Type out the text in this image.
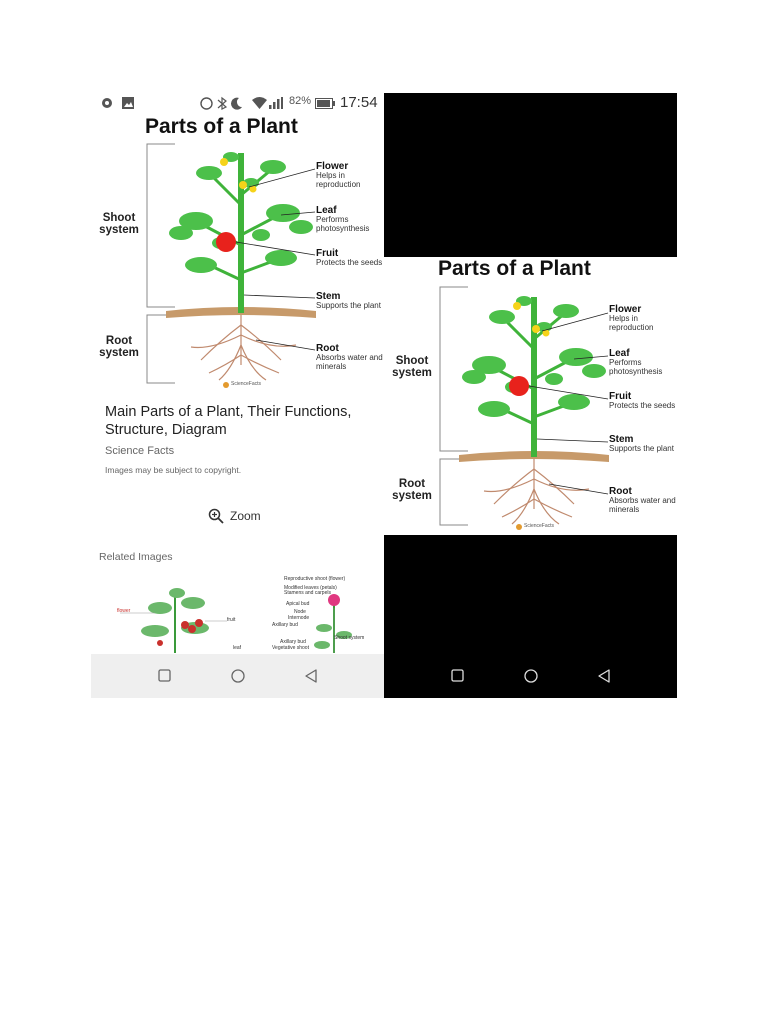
82% 17:54
Parts of a Plant
Shoot system
Root system
Flower
Helps in reproduction
Leaf
Performs photosynthesis
Fruit
Protects the seeds
Stem
Supports the plant
Root
Absorbs water and minerals
ScienceFacts
Main Parts of a Plant, Their Functions, Structure, Diagram
Science Facts
Images may be subject to copyright.
Zoom
Related Images
flower
fruit
leaf
Reproductive shoot (flower)
Modified leaves (petals)
Stamens and carpels
Apical bud
Node
Internode
Axillary bud
Shoot system
Axillary bud
Vegetative shoot
Parts of a Plant
Shoot system
Root system
Flower
Helps in reproduction
Leaf
Performs photosynthesis
Fruit
Protects the seeds
Stem
Supports the plant
Root
Absorbs water and minerals
ScienceFacts
